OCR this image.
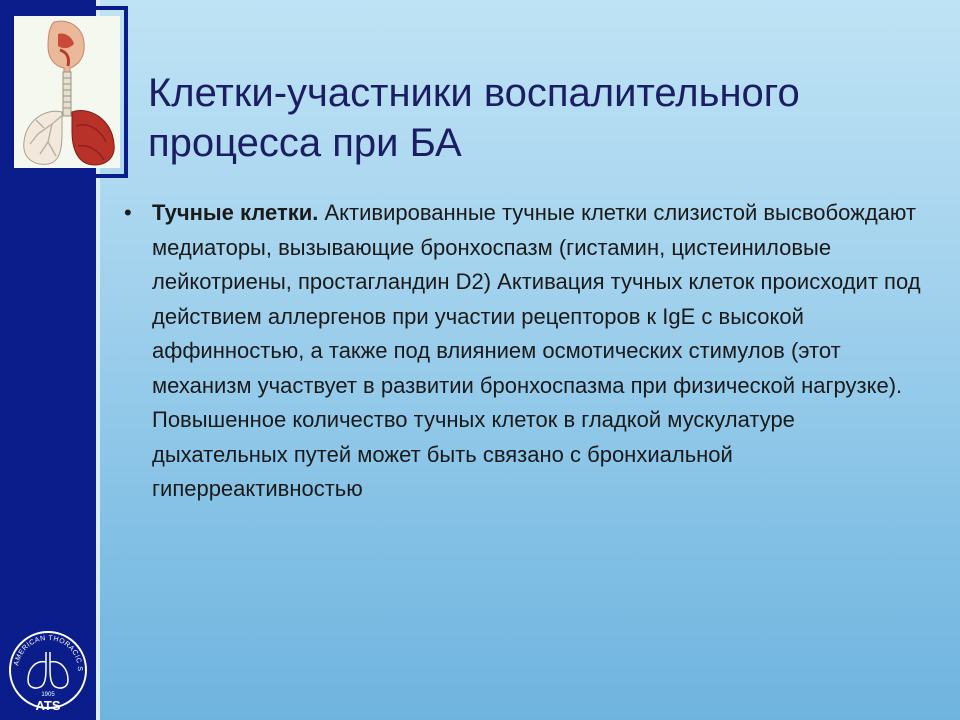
Клетки-участники воспалительного процесса при БА
• Тучные клетки. Активированные тучные клетки слизистой высвобождают медиаторы, вызывающие бронхоспазм (гистамин, цистеиниловые лейкотриены, простагландин D2) Активация тучных клеток происходит под действием аллергенов при участии рецепторов к IgE с высокой аффинностью, а также под влиянием осмотических стимулов (этот механизм участвует в развитии бронхоспазма при физической нагрузке). Повышенное количество тучных клеток в гладкой мускулатуре дыхательных путей может быть связано с бронхиальной гиперреактивностью

AMERICAN THORACIC S
1905
ATS
